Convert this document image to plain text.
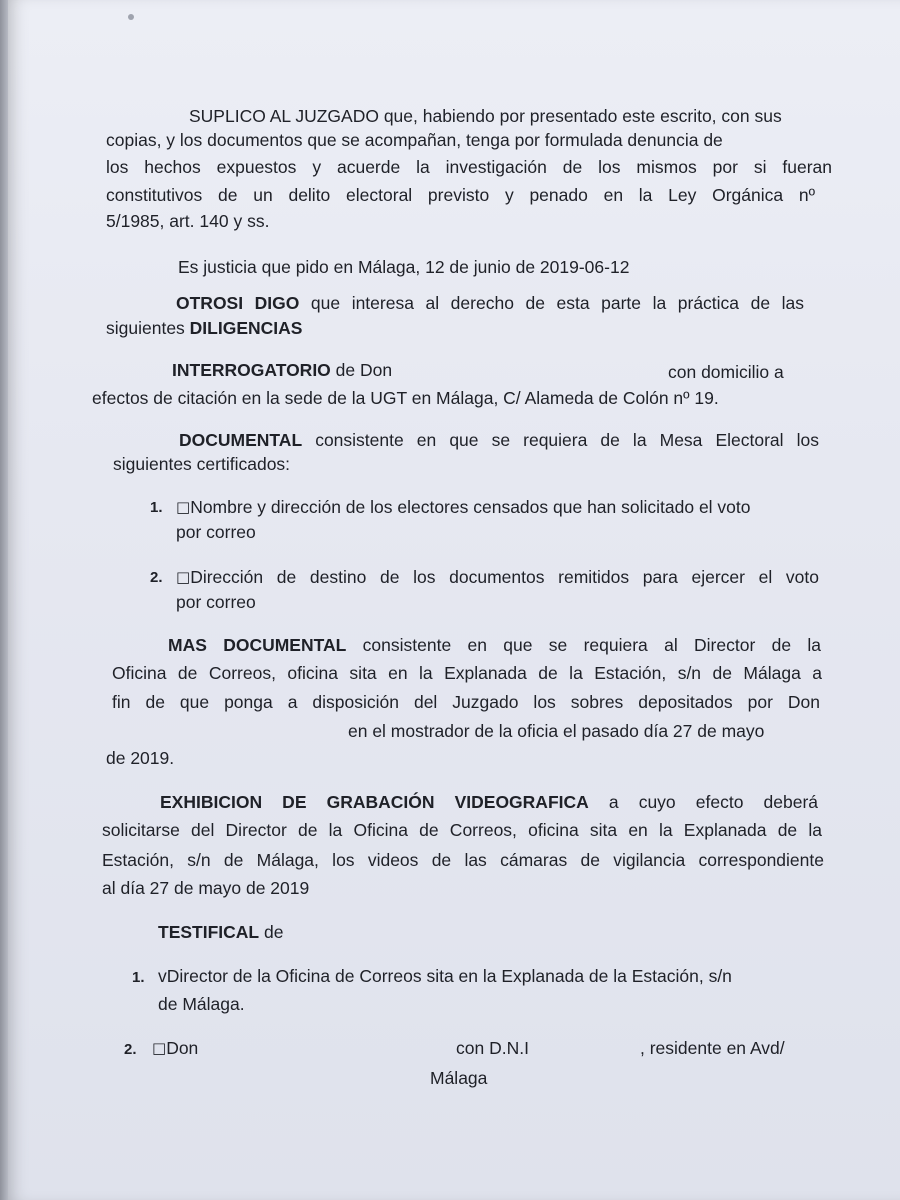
SUPLICO AL JUZGADO que, habiendo por presentado este escrito, con sus
copias, y los documentos que se acompañan, tenga por formulada denuncia de
los hechos expuestos y acuerde la investigación de los mismos por si fueran
constitutivos de un delito electoral previsto y penado en la Ley Orgánica nº
5/1985, art. 140 y ss.
Es justicia que pido en Málaga, 12 de junio de 2019-06-12
OTROSI DIGO que interesa al derecho de esta parte la práctica de las
siguientes DILIGENCIAS
INTERROGATORIO de Don	con domicilio a
efectos de citación en la sede de la UGT en Málaga, C/ Alameda de Colón nº 19.
DOCUMENTAL consistente en que se requiera de la Mesa Electoral los
siguientes certificados:
1. □Nombre y dirección de los electores censados que han solicitado el voto
por correo
2. □Dirección de destino de los documentos remitidos para ejercer el voto
por correo
MAS DOCUMENTAL consistente en que se requiera al Director de la
Oficina de Correos, oficina sita en la Explanada de la Estación, s/n de Málaga a
fin de que ponga a disposición del Juzgado los sobres depositados por Don
en el mostrador de la oficia el pasado día 27 de mayo
de 2019.
EXHIBICION DE GRABACIÓN VIDEOGRAFICA a cuyo efecto deberá
solicitarse del Director de la Oficina de Correos, oficina sita en la Explanada de la
Estación, s/n de Málaga, los videos de las cámaras de vigilancia correspondiente
al día 27 de mayo de 2019
TESTIFICAL de
1. vDirector de la Oficina de Correos sita en la Explanada de la Estación, s/n
de Málaga.
2. □Don	con D.N.I	, residente en Avd/
Málaga
